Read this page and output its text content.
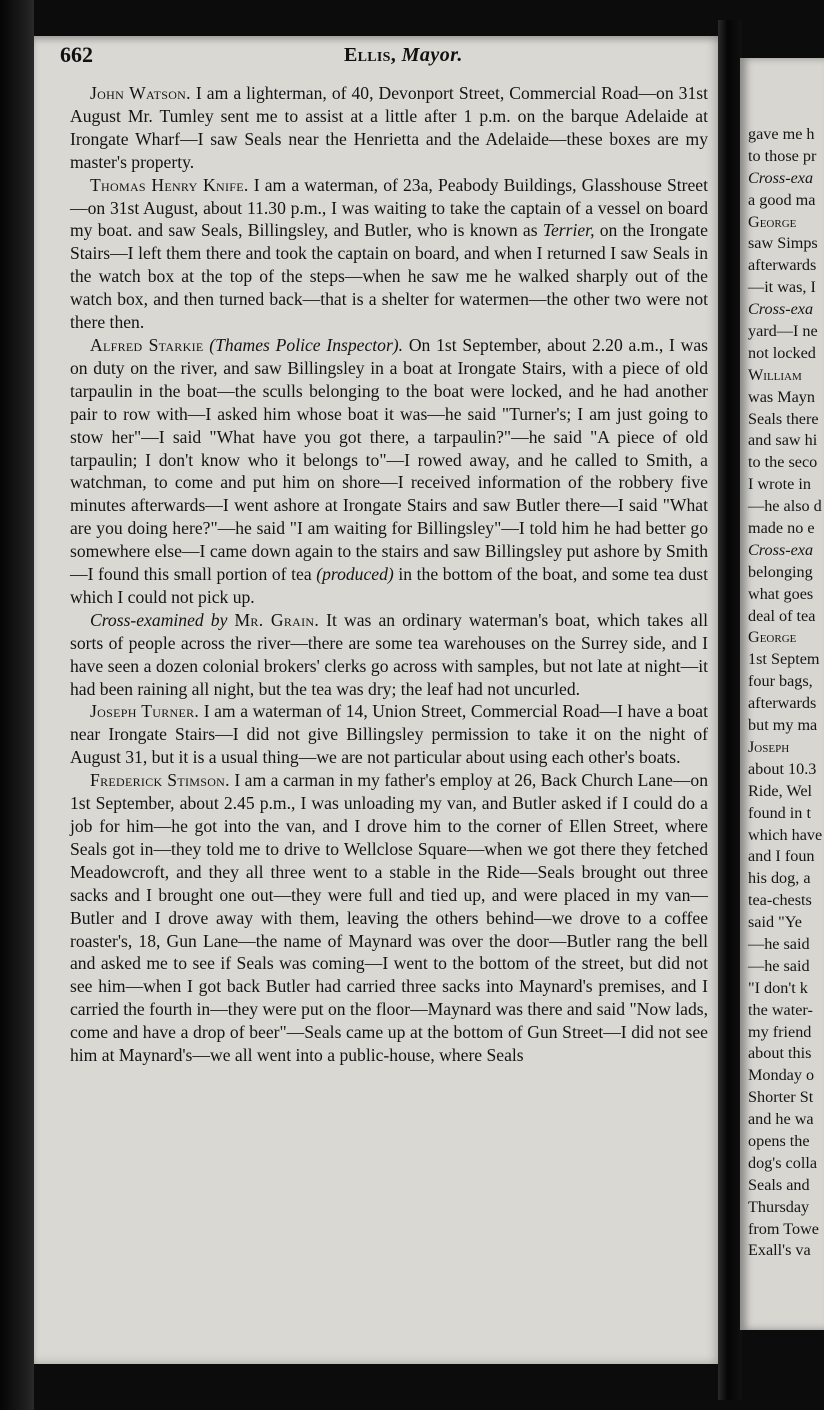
662	Ellis, Mayor.

John Watson. I am a lighterman, of 40, Devonport Street, Commercial Road—on 31st August Mr. Tumley sent me to assist at a little after 1 p.m. on the barque Adelaide at Irongate Wharf—I saw Seals near the Henrietta and the Adelaide—these boxes are my master's property.

Thomas Henry Knife. I am a waterman, of 23a, Peabody Buildings, Glasshouse Street—on 31st August, about 11.30 p.m., I was waiting to take the captain of a vessel on board my boat. and saw Seals, Billingsley, and Butler, who is known as Terrier, on the Irongate Stairs—I left them there and took the captain on board, and when I returned I saw Seals in the watch box at the top of the steps—when he saw me he walked sharply out of the watch box, and then turned back—that is a shelter for watermen—the other two were not there then.

Alfred Starkie (Thames Police Inspector). On 1st September, about 2.20 a.m., I was on duty on the river, and saw Billingsley in a boat at Irongate Stairs, with a piece of old tarpaulin in the boat—the sculls belonging to the boat were locked, and he had another pair to row with—I asked him whose boat it was—he said "Turner's; I am just going to stow her"—I said "What have you got there, a tarpaulin?"—he said "A piece of old tarpaulin; I don't know who it belongs to"—I rowed away, and he called to Smith, a watchman, to come and put him on shore—I received information of the robbery five minutes afterwards—I went ashore at Irongate Stairs and saw Butler there—I said "What are you doing here?"—he said "I am waiting for Billingsley"—I told him he had better go somewhere else—I came down again to the stairs and saw Billingsley put ashore by Smith—I found this small portion of tea (produced) in the bottom of the boat, and some tea dust which I could not pick up.

Cross-examined by Mr. Grain. It was an ordinary waterman's boat, which takes all sorts of people across the river—there are some tea warehouses on the Surrey side, and I have seen a dozen colonial brokers' clerks go across with samples, but not late at night—it had been raining all night, but the tea was dry; the leaf had not uncurled.

Joseph Turner. I am a waterman of 14, Union Street, Commercial Road—I have a boat near Irongate Stairs—I did not give Billingsley permission to take it on the night of August 31, but it is a usual thing—we are not particular about using each other's boats.

Frederick Stimson. I am a carman in my father's employ at 26, Back Church Lane—on 1st September, about 2.45 p.m., I was unloading my van, and Butler asked if I could do a job for him—he got into the van, and I drove him to the corner of Ellen Street, where Seals got in—they told me to drive to Wellclose Square—when we got there they fetched Meadowcroft, and they all three went to a stable in the Ride—Seals brought out three sacks and I brought one out—they were full and tied up, and were placed in my van—Butler and I drove away with them, leaving the others behind—we drove to a coffee roaster's, 18, Gun Lane—the name of Maynard was over the door—Butler rang the bell and asked me to see if Seals was coming—I went to the bottom of the street, but did not see him—when I got back Butler had carried three sacks into Maynard's premises, and I carried the fourth in—they were put on the floor—Maynard was there and said "Now lads, come and have a drop of beer"—Seals came up at the bottom of Gun Street—I did not see him at Maynard's—we all went into a public-house, where Seals

gave me h
to those pr
Cross-exa
a good ma
George
saw Simps
afterwards
—it was, I
Cross-exa
yard—I ne
not locked
William
was Mayn
Seals there
and saw hi
to the seco
I wrote in
—he also d
made no e
Cross-exa
belonging
what goes
deal of tea
George
1st Septem
four bags,
afterwards
but my ma
Joseph
about 10.3
Ride, Wel
found in t
which have
and I foun
his dog, a
tea-chests
said "Ye
—he said
—he said
"I don't k
the water-
my friend
about this
Monday o
Shorter St
and he wa
opens the
dog's colla
Seals and
Thursday
from Towe
Exall's va
